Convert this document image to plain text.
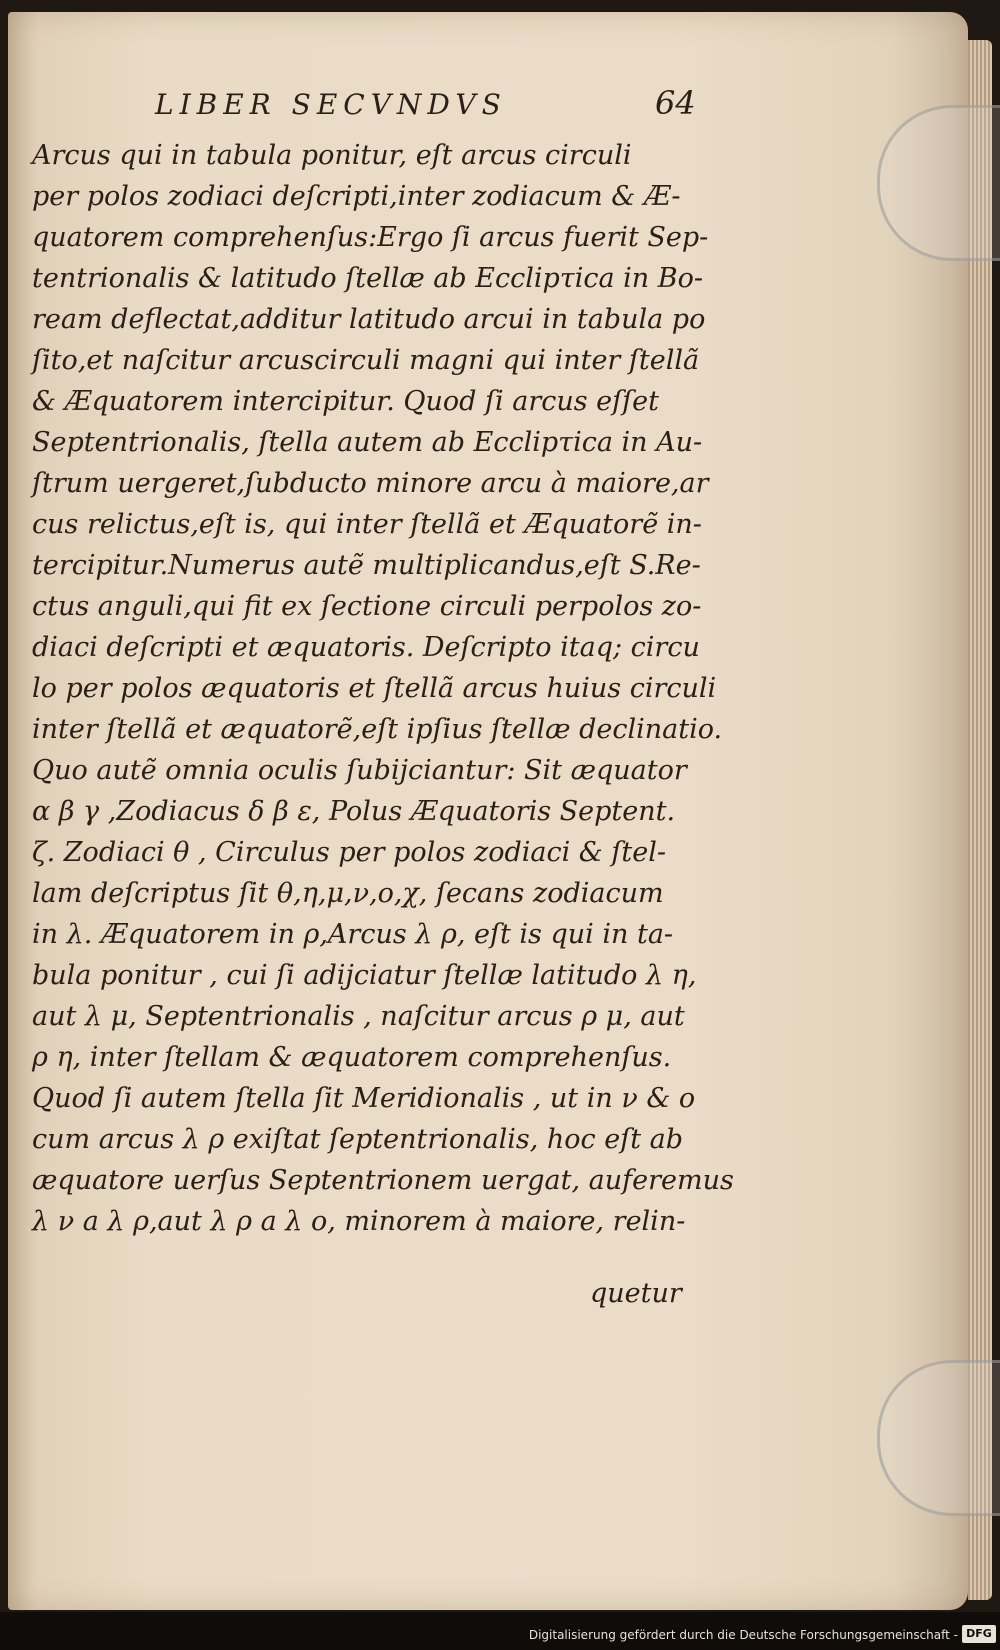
LIBER SECVNDVS	64
Arcus qui in tabula ponitur, eſt arcus circuli
per polos zodiaci deſcripti,inter zodiacum & Æ-
quatorem comprehenſus:Ergo ſi arcus fuerit Sep-
tentrionalis & latitudo ſtellæ ab Ecclipτica in Bo-
ream deflectat,additur latitudo arcui in tabula po
ſito,et naſcitur arcuscirculi magni qui inter ſtellã
& Æquatorem intercipitur. Quod ſi arcus eſſet
Septentrionalis, ſtella autem ab Ecclipτica in Au-
ſtrum uergeret,ſubducto minore arcu à maiore,ar
cus relictus,eſt is, qui inter ſtellã et Æquatorẽ in-
tercipitur.Numerus autẽ multiplicandus,eſt S.Re-
ctus anguli,qui fit ex ſectione circuli perpolos zo-
diaci deſcripti et æquatoris. Deſcripto itaq; circu
lo per polos æquatoris et ſtellã arcus huius circuli
inter ſtellã et æquatorẽ,eſt ipſius ſtellæ declinatio.
Quo autẽ omnia oculis ſubijciantur: Sit æquator
α β γ ,Zodiacus δ β ε, Polus Æquatoris Septent.
ζ. Zodiaci θ , Circulus per polos zodiaci & ſtel-
lam deſcriptus ſit θ,η,μ,ν,ο,χ, ſecans zodiacum
in λ. Æquatorem in ρ,Arcus λ ρ, eſt is qui in ta-
bula ponitur , cui ſi adijciatur ſtellæ latitudo λ η,
aut λ μ, Septentrionalis , naſcitur arcus ρ μ, aut
ρ η, inter ſtellam & æquatorem comprehenſus.
Quod ſi autem ſtella ſit Meridionalis , ut in ν & ο
cum arcus λ ρ exiſtat ſeptentrionalis, hoc eſt ab
æquatore uerſus Septentrionem uergat, auferemus
λ ν a λ ρ,aut λ ρ a λ ο, minorem à maiore, relin-
quetur
Digitalisierung gefördert durch die Deutsche Forschungsgemeinschaft - DFG
